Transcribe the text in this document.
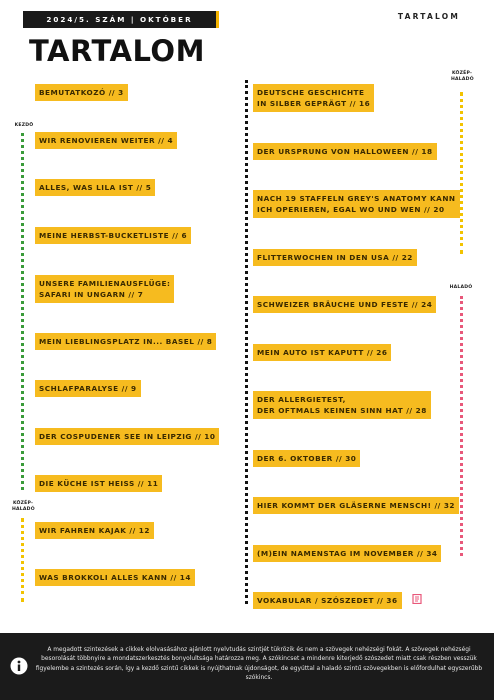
2024/5. SZÁM | OKTÓBER	TARTALOM
TARTALOM
KEZDŐ
KÖZÉP-
HALADÓ
KÖZÉP-
HALADÓ
HALADÓ
BEMUTATKOZÓ // 3
WIR RENOVIEREN WEITER // 4
ALLES, WAS LILA IST // 5
MEINE HERBST-BUCKETLISTE // 6
UNSERE FAMILIENAUSFLÜGE:
SAFARI IN UNGARN // 7
MEIN LIEBLINGSPLATZ IN... BASEL // 8
SCHLAFPARALYSE // 9
DER COSPUDENER SEE IN LEIPZIG // 10
DIE KÜCHE IST HEISS // 11
WIR FAHREN KAJAK // 12
WAS BROKKOLI ALLES KANN // 14
DEUTSCHE GESCHICHTE
IN SILBER GEPRÄGT // 16
DER URSPRUNG VON HALLOWEEN // 18
NACH 19 STAFFELN GREY'S ANATOMY KANN
ICH OPERIEREN, EGAL WO UND WEN // 20
FLITTERWOCHEN IN DEN USA // 22
SCHWEIZER BRÄUCHE UND FESTE // 24
MEIN AUTO IST KAPUTT // 26
DER ALLERGIETEST,
DER OFTMALS KEINEN SINN HAT // 28
DER 6. OKTOBER // 30
HIER KOMMT DER GLÄSERNE MENSCH! // 32
(M)EIN NAMENSTAG IM NOVEMBER // 34
VOKABULAR / SZÓSZEDET // 36
A megadott szintezések a cikkek elolvasásához ajánlott nyelvtudás szintjét tükrözik és nem a szövegek nehézségi fokát. A szövegek nehézségi besorolását többnyire a mondatszerkesztés bonyolultsága határozza meg. A szókincset a mindenre kiterjedő szószedet miatt csak részben vesszük figyelembe a szintezés során, így a kezdő szintű cikkek is nyújthatnak újdonságot, de egyúttal a haladó szintű szövegekben is előfordulhat egyszerűbb szókincs.
